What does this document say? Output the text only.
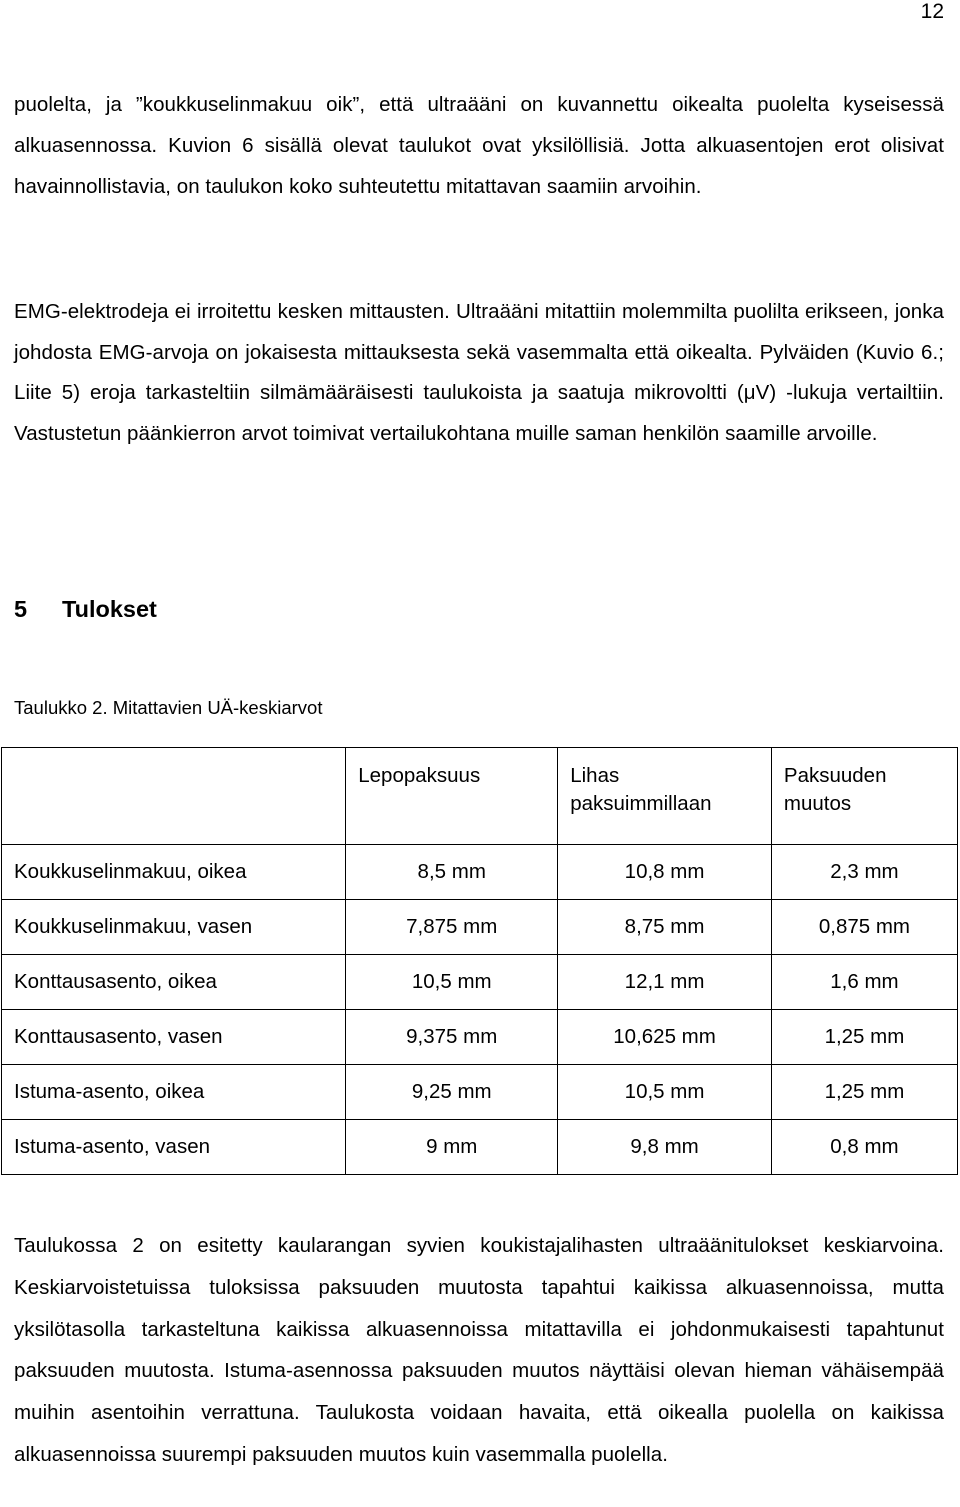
12

puolelta, ja ”koukkuselinmakuu oik”, että ultraääni on kuvannettu oikealta puolelta kyseisessä alkuasennossa. Kuvion 6 sisällä olevat taulukot ovat yksilöllisiä. Jotta alkuasentojen erot olisivat havainnollistavia, on taulukon koko suhteutettu mitattavan saamiin arvoihin.

EMG-elektrodeja ei irroitettu kesken mittausten. Ultraääni mitattiin molemmilta puolilta erikseen, jonka johdosta EMG-arvoja on jokaisesta mittauksesta sekä vasemmalta että oikealta. Pylväiden (Kuvio 6.; Liite 5) eroja tarkasteltiin silmämääräisesti taulukoista ja saatuja mikrovoltti (μV) -lukuja vertailtiin. Vastustetun päänkierron arvot toimivat vertailukohtana muille saman henkilön saamille arvoille.

5 Tulokset
Taulukko 2. Mitattavien UÄ-keskiarvot
	Lepopaksuus	Lihas paksuimmillaan	Paksuuden muutos
Koukkuselinmakuu, oikea	8,5 mm	10,8 mm	2,3 mm
Koukkuselinmakuu, vasen	7,875 mm	8,75 mm	0,875 mm
Konttausasento, oikea	10,5 mm	12,1 mm	1,6 mm
Konttausasento, vasen	9,375 mm	10,625 mm	1,25 mm
Istuma-asento, oikea	9,25 mm	10,5 mm	1,25 mm
Istuma-asento, vasen	9 mm	9,8 mm	0,8 mm

Taulukossa 2 on esitetty kaularangan syvien koukistajalihasten ultraäänitulokset keskiarvoina. Keskiarvoistetuissa tuloksissa paksuuden muutosta tapahtui kaikissa alkuasennoissa, mutta yksilötasolla tarkasteltuna kaikissa alkuasennoissa mitattavilla ei johdonmukaisesti tapahtunut paksuuden muutosta. Istuma-asennossa paksuuden muutos näyttäisi olevan hieman vähäisempää muihin asentoihin verrattuna. Taulukosta voidaan havaita, että oikealla puolella on kaikissa alkuasennoissa suurempi paksuuden muutos kuin vasemmalla puolella.
